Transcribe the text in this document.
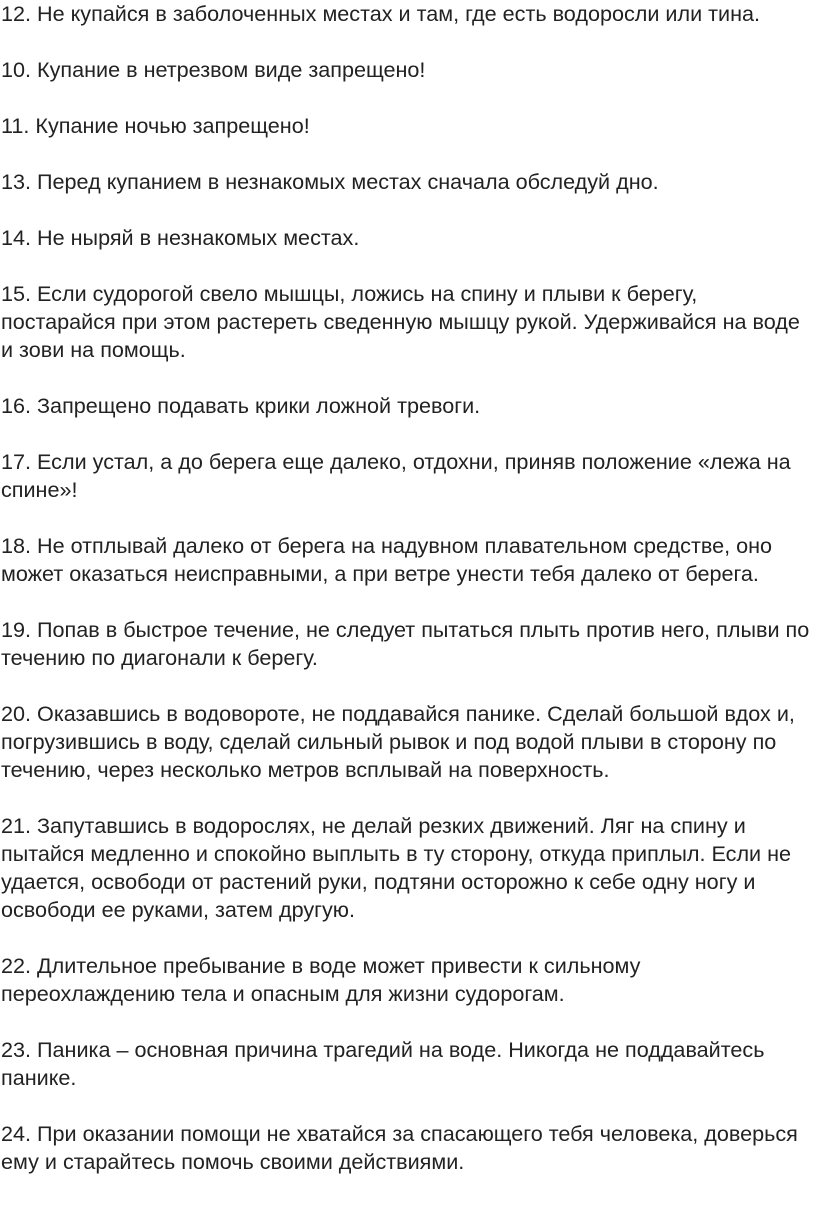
12. Не купайся в заболоченных местах и там, где есть водоросли или тина.

10. Купание в нетрезвом виде запрещено!

11. Купание ночью запрещено!

13. Перед купанием в незнакомых местах сначала обследуй дно.

14. Не ныряй в незнакомых местах.

15. Если судорогой свело мышцы, ложись на спину и плыви к берегу, постарайся при этом растереть сведенную мышцу рукой. Удерживайся на воде и зови на помощь.

16. Запрещено подавать крики ложной тревоги.

17. Если устал, а до берега еще далеко, отдохни, приняв положение «лежа на спине»!

18. Не отплывай далеко от берега на надувном плавательном средстве, оно может оказаться неисправными, а при ветре унести тебя далеко от берега.

19. Попав в быстрое течение, не следует пытаться плыть против него, плыви по течению по диагонали к берегу.

20. Оказавшись в водовороте, не поддавайся панике. Сделай большой вдох и, погрузившись в воду, сделай сильный рывок и под водой плыви в сторону по течению, через несколько метров всплывай на поверхность.

21. Запутавшись в водорослях, не делай резких движений. Ляг на спину и пытайся медленно и спокойно выплыть в ту сторону, откуда приплыл. Если не удается, освободи от растений руки, подтяни осторожно к себе одну ногу и освободи ее руками, затем другую.

22. Длительное пребывание в воде может привести к сильному переохлаждению тела и опасным для жизни судорогам.

23. Паника – основная причина трагедий на воде. Никогда не поддавайтесь панике.

24. При оказании помощи не хватайся за спасающего тебя человека, доверься ему и старайтесь помочь своими действиями.
